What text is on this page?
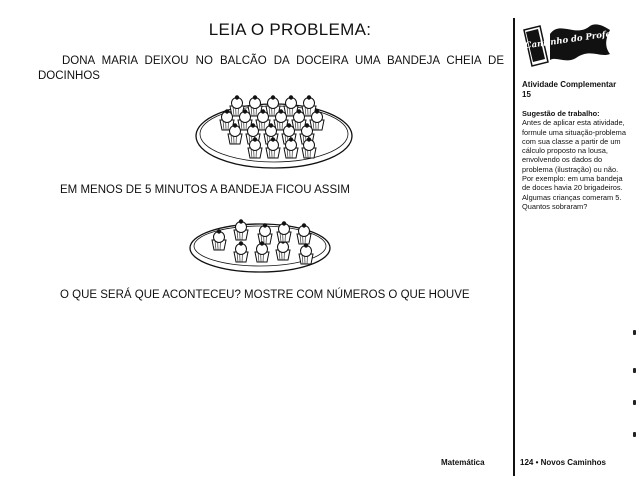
LEIA O PROBLEMA:
DONA MARIA DEIXOU NO BALCÃO DA DOCEIRA UMA BANDEJA CHEIA DE DOCINHOS
EM MENOS DE 5 MINUTOS A BANDEJA FICOU ASSIM
O QUE SERÁ QUE ACONTECEU? MOSTRE COM NÚMEROS O QUE HOUVE
Cantinho do Professor
Atividade Complementar 15
Sugestão de trabalho:
Antes de aplicar esta atividade, formule uma situação-problema com sua classe a partir de um cálculo proposto na lousa, envolvendo os dados do problema (ilustração) ou não. Por exemplo: em uma bandeja de doces havia 20 brigadeiros. Algumas crianças comeram 5. Quantos sobraram?
Matemática	124 • Novos Caminhos
